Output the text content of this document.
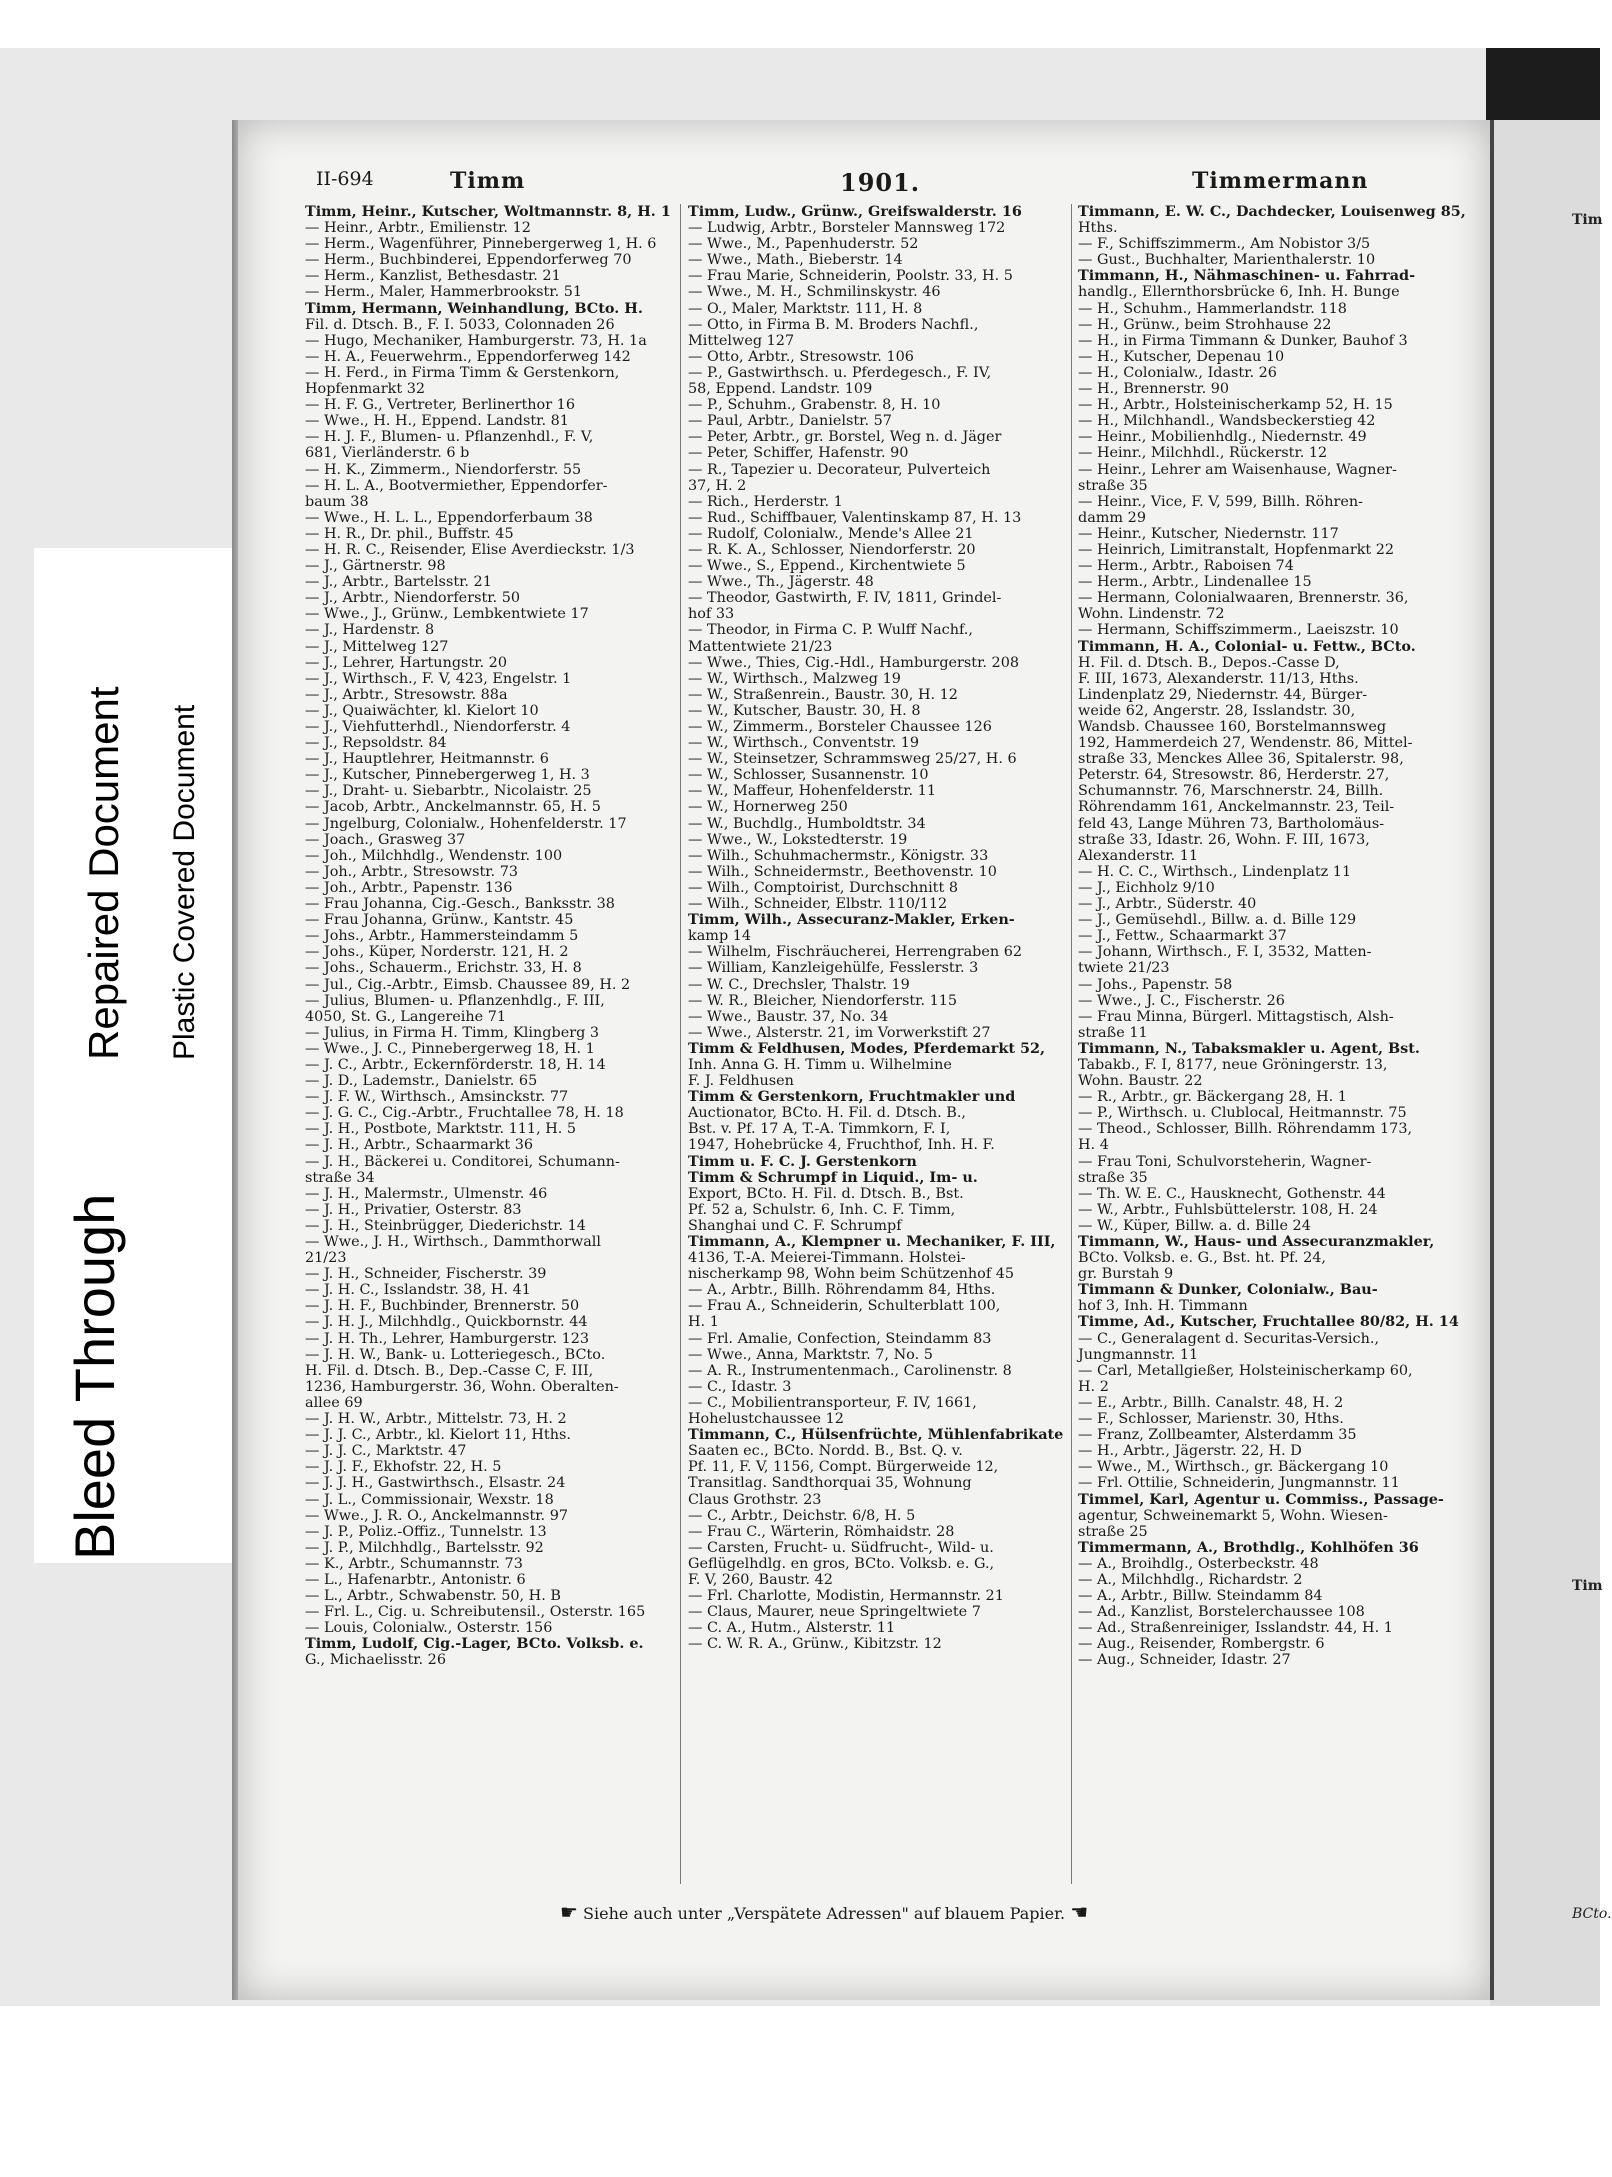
Tim
Tim
BCto.
II-694	Timm	1901.	Timmermann
Timm, Heinr., Kutscher, Woltmannstr. 8, H. 1
— Heinr., Arbtr., Emilienstr. 12
— Herm., Wagenführer, Pinnebergerweg 1, H. 6
— Herm., Buchbinderei, Eppendorferweg 70
— Herm., Kanzlist, Bethesdastr. 21
— Herm., Maler, Hammerbrookstr. 51
Timm, Hermann, Weinhandlung, BCto. H.
Fil. d. Dtsch. B., F. I. 5033, Colonnaden 26
— Hugo, Mechaniker, Hamburgerstr. 73, H. 1a
— H. A., Feuerwehrm., Eppendorferweg 142
— H. Ferd., in Firma Timm & Gerstenkorn,
Hopfenmarkt 32
— H. F. G., Vertreter, Berlinerthor 16
— Wwe., H. H., Eppend. Landstr. 81
— H. J. F., Blumen- u. Pflanzenhdl., F. V,
681, Vierländerstr. 6 b
— H. K., Zimmerm., Niendorferstr. 55
— H. L. A., Bootvermiether, Eppendorfer-
baum 38
— Wwe., H. L. L., Eppendorferbaum 38
— H. R., Dr. phil., Buffstr. 45
— H. R. C., Reisender, Elise Averdieckstr. 1/3
— J., Gärtnerstr. 98
— J., Arbtr., Bartelsstr. 21
— J., Arbtr., Niendorferstr. 50
— Wwe., J., Grünw., Lembkentwiete 17
— J., Hardenstr. 8
— J., Mittelweg 127
— J., Lehrer, Hartungstr. 20
— J., Wirthsch., F. V, 423, Engelstr. 1
— J., Arbtr., Stresowstr. 88a
— J., Quaiwächter, kl. Kielort 10
— J., Viehfutterhdl., Niendorferstr. 4
— J., Repsoldstr. 84
— J., Hauptlehrer, Heitmannstr. 6
— J., Kutscher, Pinnebergerweg 1, H. 3
— J., Draht- u. Siebarbtr., Nicolaistr. 25
— Jacob, Arbtr., Anckelmannstr. 65, H. 5
— Jngelburg, Colonialw., Hohenfelderstr. 17
— Joach., Grasweg 37
— Joh., Milchhdlg., Wendenstr. 100
— Joh., Arbtr., Stresowstr. 73
— Joh., Arbtr., Papenstr. 136
— Frau Johanna, Cig.-Gesch., Banksstr. 38
— Frau Johanna, Grünw., Kantstr. 45
— Johs., Arbtr., Hammersteindamm 5
— Johs., Küper, Norderstr. 121, H. 2
— Johs., Schauerm., Erichstr. 33, H. 8
— Jul., Cig.-Arbtr., Eimsb. Chaussee 89, H. 2
— Julius, Blumen- u. Pflanzenhdlg., F. III,
4050, St. G., Langereihe 71
— Julius, in Firma H. Timm, Klingberg 3
— Wwe., J. C., Pinnebergerweg 18, H. 1
— J. C., Arbtr., Eckernförderstr. 18, H. 14
— J. D., Lademstr., Danielstr. 65
— J. F. W., Wirthsch., Amsinckstr. 77
— J. G. C., Cig.-Arbtr., Fruchtallee 78, H. 18
— J. H., Postbote, Marktstr. 111, H. 5
— J. H., Arbtr., Schaarmarkt 36
— J. H., Bäckerei u. Conditorei, Schumann-
straße 34
— J. H., Malermstr., Ulmenstr. 46
— J. H., Privatier, Osterstr. 83
— J. H., Steinbrügger, Diederichstr. 14
— Wwe., J. H., Wirthsch., Dammthorwall
21/23
— J. H., Schneider, Fischerstr. 39
— J. H. C., Isslandstr. 38, H. 41
— J. H. F., Buchbinder, Brennerstr. 50
— J. H. J., Milchhdlg., Quickbornstr. 44
— J. H. Th., Lehrer, Hamburgerstr. 123
— J. H. W., Bank- u. Lotteriegesch., BCto.
H. Fil. d. Dtsch. B., Dep.-Casse C, F. III,
1236, Hamburgerstr. 36, Wohn. Oberalten-
allee 69
— J. H. W., Arbtr., Mittelstr. 73, H. 2
— J. J. C., Arbtr., kl. Kielort 11, Hths.
— J. J. C., Marktstr. 47
— J. J. F., Ekhofstr. 22, H. 5
— J. J. H., Gastwirthsch., Elsastr. 24
— J. L., Commissionair, Wexstr. 18
— Wwe., J. R. O., Anckelmannstr. 97
— J. P., Poliz.-Offiz., Tunnelstr. 13
— J. P., Milchhdlg., Bartelsstr. 92
— K., Arbtr., Schumannstr. 73
— L., Hafenarbtr., Antonistr. 6
— L., Arbtr., Schwabenstr. 50, H. B
— Frl. L., Cig. u. Schreibutensil., Osterstr. 165
— Louis, Colonialw., Osterstr. 156
Timm, Ludolf, Cig.-Lager, BCto. Volksb. e.
G., Michaelisstr. 26
Timm, Ludw., Grünw., Greifswalderstr. 16
— Ludwig, Arbtr., Borsteler Mannsweg 172
— Wwe., M., Papenhuderstr. 52
— Wwe., Math., Bieberstr. 14
— Frau Marie, Schneiderin, Poolstr. 33, H. 5
— Wwe., M. H., Schmilinskystr. 46
— O., Maler, Marktstr. 111, H. 8
— Otto, in Firma B. M. Broders Nachfl.,
Mittelweg 127
— Otto, Arbtr., Stresowstr. 106
— P., Gastwirthsch. u. Pferdegesch., F. IV,
58, Eppend. Landstr. 109
— P., Schuhm., Grabenstr. 8, H. 10
— Paul, Arbtr., Danielstr. 57
— Peter, Arbtr., gr. Borstel, Weg n. d. Jäger
— Peter, Schiffer, Hafenstr. 90
— R., Tapezier u. Decorateur, Pulverteich
37, H. 2
— Rich., Herderstr. 1
— Rud., Schiffbauer, Valentinskamp 87, H. 13
— Rudolf, Colonialw., Mende's Allee 21
— R. K. A., Schlosser, Niendorferstr. 20
— Wwe., S., Eppend., Kirchentwiete 5
— Wwe., Th., Jägerstr. 48
— Theodor, Gastwirth, F. IV, 1811, Grindel-
hof 33
— Theodor, in Firma C. P. Wulff Nachf.,
Mattentwiete 21/23
— Wwe., Thies, Cig.-Hdl., Hamburgerstr. 208
— W., Wirthsch., Malzweg 19
— W., Straßenrein., Baustr. 30, H. 12
— W., Kutscher, Baustr. 30, H. 8
— W., Zimmerm., Borsteler Chaussee 126
— W., Wirthsch., Conventstr. 19
— W., Steinsetzer, Schrammsweg 25/27, H. 6
— W., Schlosser, Susannenstr. 10
— W., Maffeur, Hohenfelderstr. 11
— W., Hornerweg 250
— W., Buchdlg., Humboldtstr. 34
— Wwe., W., Lokstedterstr. 19
— Wilh., Schuhmachermstr., Königstr. 33
— Wilh., Schneidermstr., Beethovenstr. 10
— Wilh., Comptoirist, Durchschnitt 8
— Wilh., Schneider, Elbstr. 110/112
Timm, Wilh., Assecuranz-Makler, Erken-
kamp 14
— Wilhelm, Fischräucherei, Herrengraben 62
— William, Kanzleigehülfe, Fesslerstr. 3
— W. C., Drechsler, Thalstr. 19
— W. R., Bleicher, Niendorferstr. 115
— Wwe., Baustr. 37, No. 34
— Wwe., Alsterstr. 21, im Vorwerkstift 27
Timm & Feldhusen, Modes, Pferdemarkt 52,
Inh. Anna G. H. Timm u. Wilhelmine
F. J. Feldhusen
Timm & Gerstenkorn, Fruchtmakler und
Auctionator, BCto. H. Fil. d. Dtsch. B.,
Bst. v. Pf. 17 A, T.-A. Timmkorn, F. I,
1947, Hohebrücke 4, Fruchthof, Inh. H. F.
Timm u. F. C. J. Gerstenkorn
Timm & Schrumpf in Liquid., Im- u.
Export, BCto. H. Fil. d. Dtsch. B., Bst.
Pf. 52 a, Schulstr. 6, Inh. C. F. Timm,
Shanghai und C. F. Schrumpf
Timmann, A., Klempner u. Mechaniker, F. III,
4136, T.-A. Meierei-Timmann. Holstei-
nischerkamp 98, Wohn beim Schützenhof 45
— A., Arbtr., Billh. Röhrendamm 84, Hths.
— Frau A., Schneiderin, Schulterblatt 100,
H. 1
— Frl. Amalie, Confection, Steindamm 83
— Wwe., Anna, Marktstr. 7, No. 5
— A. R., Instrumentenmach., Carolinenstr. 8
— C., Idastr. 3
— C., Mobilientransporteur, F. IV, 1661,
Hohelustchaussee 12
Timmann, C., Hülsenfrüchte, Mühlenfabrikate
Saaten ec., BCto. Nordd. B., Bst. Q. v.
Pf. 11, F. V, 1156, Compt. Bürgerweide 12,
Transitlag. Sandthorquai 35, Wohnung
Claus Grothstr. 23
— C., Arbtr., Deichstr. 6/8, H. 5
— Frau C., Wärterin, Römhaidstr. 28
— Carsten, Frucht- u. Südfrucht-, Wild- u.
Geflügelhdlg. en gros, BCto. Volksb. e. G.,
F. V, 260, Baustr. 42
— Frl. Charlotte, Modistin, Hermannstr. 21
— Claus, Maurer, neue Springeltwiete 7
— C. A., Hutm., Alsterstr. 11
— C. W. R. A., Grünw., Kibitzstr. 12
Timmann, E. W. C., Dachdecker, Louisenweg 85,
Hths.
— F., Schiffszimmerm., Am Nobistor 3/5
— Gust., Buchhalter, Marienthalerstr. 10
Timmann, H., Nähmaschinen- u. Fahrrad-
handlg., Ellernthorsbrücke 6, Inh. H. Bunge
— H., Schuhm., Hammerlandstr. 118
— H., Grünw., beim Strohhause 22
— H., in Firma Timmann & Dunker, Bauhof 3
— H., Kutscher, Depenau 10
— H., Colonialw., Idastr. 26
— H., Brennerstr. 90
— H., Arbtr., Holsteinischerkamp 52, H. 15
— H., Milchhandl., Wandsbeckerstieg 42
— Heinr., Mobilienhdlg., Niedernstr. 49
— Heinr., Milchhdl., Rückerstr. 12
— Heinr., Lehrer am Waisenhause, Wagner-
straße 35
— Heinr., Vice, F. V, 599, Billh. Röhren-
damm 29
— Heinr., Kutscher, Niedernstr. 117
— Heinrich, Limitranstalt, Hopfenmarkt 22
— Herm., Arbtr., Raboisen 74
— Herm., Arbtr., Lindenallee 15
— Hermann, Colonialwaaren, Brennerstr. 36,
Wohn. Lindenstr. 72
— Hermann, Schiffszimmerm., Laeiszstr. 10
Timmann, H. A., Colonial- u. Fettw., BCto.
H. Fil. d. Dtsch. B., Depos.-Casse D,
F. III, 1673, Alexanderstr. 11/13, Hths.
Lindenplatz 29, Niedernstr. 44, Bürger-
weide 62, Angerstr. 28, Isslandstr. 30,
Wandsb. Chaussee 160, Borstelmannsweg
192, Hammerdeich 27, Wendenstr. 86, Mittel-
straße 33, Menckes Allee 36, Spitalerstr. 98,
Peterstr. 64, Stresowstr. 86, Herderstr. 27,
Schumannstr. 76, Marschnerstr. 24, Billh.
Röhrendamm 161, Anckelmannstr. 23, Teil-
feld 43, Lange Mühren 73, Bartholomäus-
straße 33, Idastr. 26, Wohn. F. III, 1673,
Alexanderstr. 11
— H. C. C., Wirthsch., Lindenplatz 11
— J., Eichholz 9/10
— J., Arbtr., Süderstr. 40
— J., Gemüsehdl., Billw. a. d. Bille 129
— J., Fettw., Schaarmarkt 37
— Johann, Wirthsch., F. I, 3532, Matten-
twiete 21/23
— Johs., Papenstr. 58
— Wwe., J. C., Fischerstr. 26
— Frau Minna, Bürgerl. Mittagstisch, Alsh-
straße 11
Timmann, N., Tabaksmakler u. Agent, Bst.
Tabakb., F. I, 8177, neue Gröningerstr. 13,
Wohn. Baustr. 22
— R., Arbtr., gr. Bäckergang 28, H. 1
— P., Wirthsch. u. Clublocal, Heitmannstr. 75
— Theod., Schlosser, Billh. Röhrendamm 173,
H. 4
— Frau Toni, Schulvorsteherin, Wagner-
straße 35
— Th. W. E. C., Hausknecht, Gothenstr. 44
— W., Arbtr., Fuhlsbüttelerstr. 108, H. 24
— W., Küper, Billw. a. d. Bille 24
Timmann, W., Haus- und Assecuranzmakler,
BCto. Volksb. e. G., Bst. ht. Pf. 24,
gr. Burstah 9
Timmann & Dunker, Colonialw., Bau-
hof 3, Inh. H. Timmann
Timme, Ad., Kutscher, Fruchtallee 80/82, H. 14
— C., Generalagent d. Securitas-Versich.,
Jungmannstr. 11
— Carl, Metallgießer, Holsteinischerkamp 60,
H. 2
— E., Arbtr., Billh. Canalstr. 48, H. 2
— F., Schlosser, Marienstr. 30, Hths.
— Franz, Zollbeamter, Alsterdamm 35
— H., Arbtr., Jägerstr. 22, H. D
— Wwe., M., Wirthsch., gr. Bäckergang 10
— Frl. Ottilie, Schneiderin, Jungmannstr. 11
Timmel, Karl, Agentur u. Commiss., Passage-
agentur, Schweinemarkt 5, Wohn. Wiesen-
straße 25
Timmermann, A., Brothdlg., Kohlhöfen 36
— A., Broihdlg., Osterbeckstr. 48
— A., Milchhdlg., Richardstr. 2
— A., Arbtr., Billw. Steindamm 84
— Ad., Kanzlist, Borstelerchaussee 108
— Ad., Straßenreiniger, Isslandstr. 44, H. 1
— Aug., Reisender, Rombergstr. 6
— Aug., Schneider, Idastr. 27
☛ Siehe auch unter „Verspätete Adressen" auf blauem Papier. ☚
Bleed Through
Repaired Document Plastic Covered Document
